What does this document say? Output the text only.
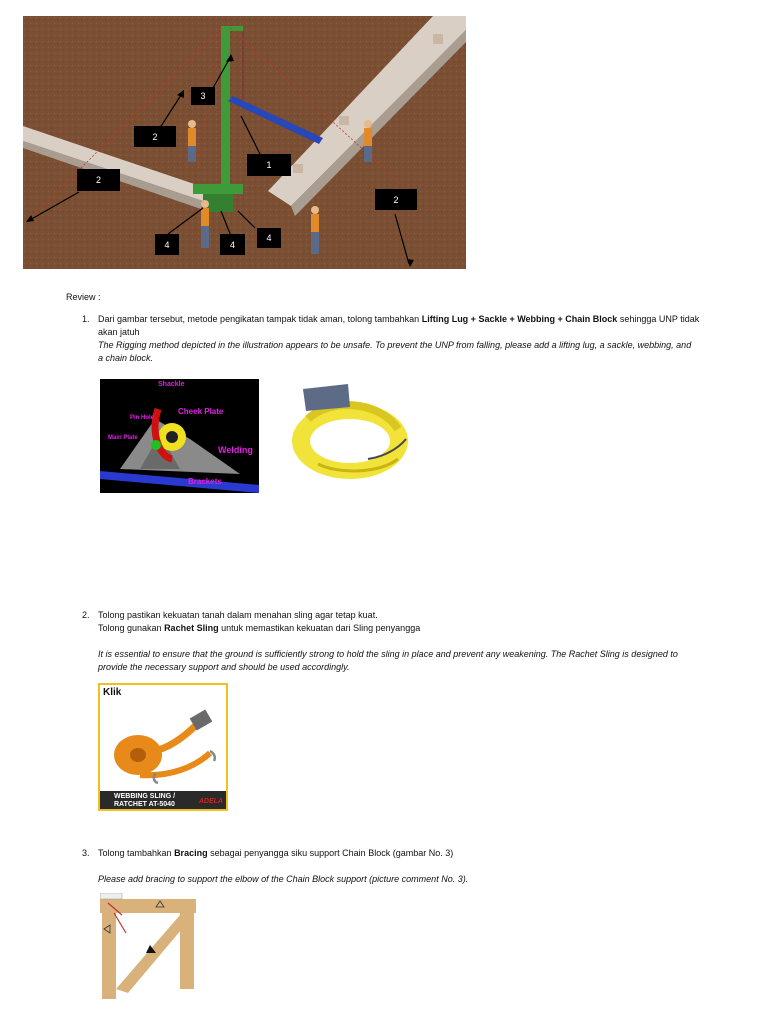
3
2
1
2
2
4	4
4
Review :
1. Dari gambar tersebut, metode pengikatan tampak tidak aman, tolong tambahkan Lifting Lug + Sackle + Webbing + Chain Block sehingga UNP tidak
akan jatuh
The Rigging method depicted in the illustration appears to be unsafe. To prevent the UNP from falling, please add a lifting lug, a sackle, webbing, and
a chain block.
Shackle
Pin Hole
Cheek Plate
Main Plate
Welding
Brackets
2. Tolong pastikan kekuatan tanah dalam menahan sling agar tetap kuat.
Tolong gunakan Rachet Sling untuk memastikan kekuatan dari Sling penyangga
It is essential to ensure that the ground is sufficiently strong to hold the sling in place and prevent any weakening. The Rachet Sling is designed to
provide the necessary support and should be used accordingly.
Klik
WEBBING SLING /
RATCHET AT-5040	ADELA
3. Tolong tambahkan Bracing sebagai penyangga siku support Chain Block (gambar No. 3)
Please add bracing to support the elbow of the Chain Block support (picture comment No. 3).
